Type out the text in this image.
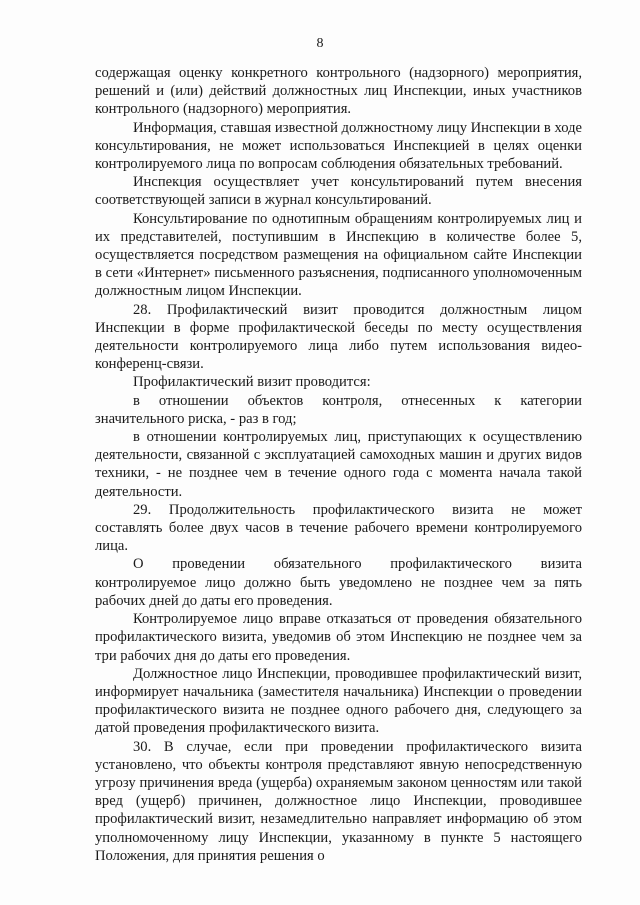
8

содержащая оценку конкретного контрольного (надзорного) мероприятия, решений и (или) действий должностных лиц Инспекции, иных участников контрольного (надзорного) мероприятия.

Информация, ставшая известной должностному лицу Инспекции в ходе консультирования, не может использоваться Инспекцией в целях оценки контролируемого лица по вопросам соблюдения обязательных требований.

Инспекция осуществляет учет консультирований путем внесения соответствующей записи в журнал консультирований.

Консультирование по однотипным обращениям контролируемых лиц и их представителей, поступившим в Инспекцию в количестве более 5, осуществляется посредством размещения на официальном сайте Инспекции в сети «Интернет» письменного разъяснения, подписанного уполномоченным должностным лицом Инспекции.

28. Профилактический визит проводится должностным лицом Инспекции в форме профилактической беседы по месту осуществления деятельности контролируемого лица либо путем использования видео-конференц-связи.

Профилактический визит проводится:

в отношении объектов контроля, отнесенных к категории значительного риска, - раз в год;

в отношении контролируемых лиц, приступающих к осуществлению деятельности, связанной с эксплуатацией самоходных машин и других видов техники, - не позднее чем в течение одного года с момента начала такой деятельности.

29. Продолжительность профилактического визита не может составлять более двух часов в течение рабочего времени контролируемого лица.

О проведении обязательного профилактического визита контролируемое лицо должно быть уведомлено не позднее чем за пять рабочих дней до даты его проведения.

Контролируемое лицо вправе отказаться от проведения обязательного профилактического визита, уведомив об этом Инспекцию не позднее чем за три рабочих дня до даты его проведения.

Должностное лицо Инспекции, проводившее профилактический визит, информирует начальника (заместителя начальника) Инспекции о проведении профилактического визита не позднее одного рабочего дня, следующего за датой проведения профилактического визита.

30. В случае, если при проведении профилактического визита установлено, что объекты контроля представляют явную непосредственную угрозу причинения вреда (ущерба) охраняемым законом ценностям или такой вред (ущерб) причинен, должностное лицо Инспекции, проводившее профилактический визит, незамедлительно направляет информацию об этом уполномоченному лицу Инспекции, указанному в пункте 5 настоящего Положения, для принятия решения о
